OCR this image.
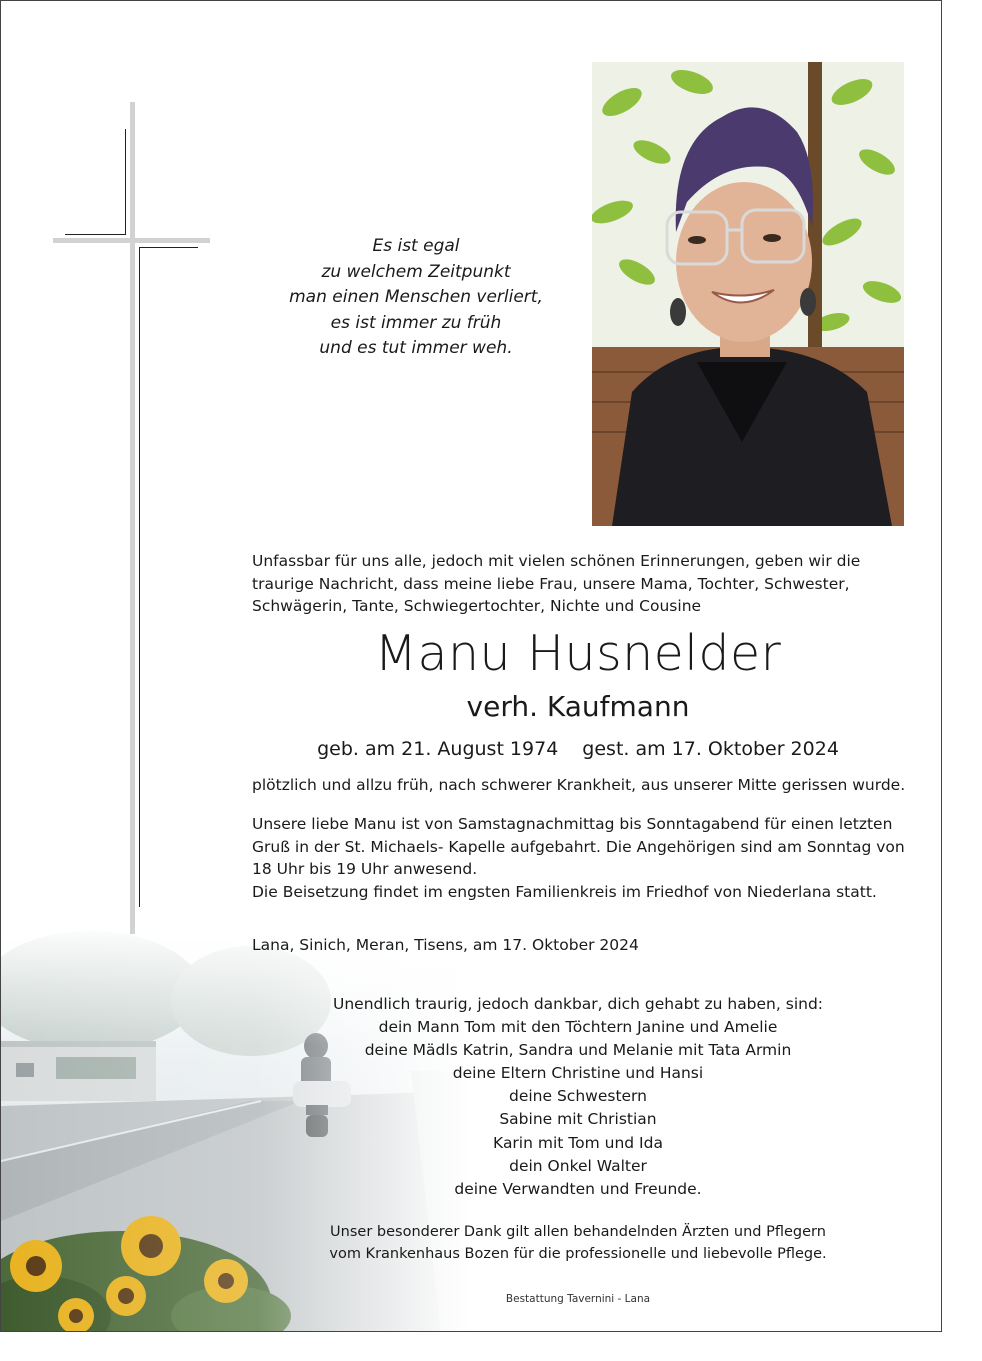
Es ist egal
zu welchem Zeitpunkt
man einen Menschen verliert,
es ist immer zu früh
und es tut immer weh.
Unfassbar für uns alle, jedoch mit vielen schönen Erinnerungen, geben wir die traurige Nachricht, dass meine liebe Frau, unsere Mama, Tochter, Schwester, Schwägerin, Tante, Schwiegertochter, Nichte und Cousine
Manu Husnelder
verh. Kaufmann
geb. am 21. August 1974 gest. am 17. Oktober 2024
plötzlich und allzu früh, nach schwerer Krankheit, aus unserer Mitte gerissen wurde.
Unsere liebe Manu ist von Samstagnachmittag bis Sonntagabend für einen letzten
Gruß in der St. Michaels- Kapelle aufgebahrt. Die Angehörigen sind am Sonntag von
18 Uhr bis 19 Uhr anwesend.
Die Beisetzung findet im engsten Familienkreis im Friedhof von Niederlana statt.
Lana, Sinich, Meran, Tisens, am 17. Oktober 2024
Unendlich traurig, jedoch dankbar, dich gehabt zu haben, sind:
dein Mann Tom mit den Töchtern Janine und Amelie
deine Mädls Katrin, Sandra und Melanie mit Tata Armin
deine Eltern Christine und Hansi
deine Schwestern
Sabine mit Christian
Karin mit Tom und Ida
dein Onkel Walter
deine Verwandten und Freunde.
Unser besonderer Dank gilt allen behandelnden Ärzten und Pflegern
vom Krankenhaus Bozen für die professionelle und liebevolle Pflege.
Bestattung Tavernini - Lana
